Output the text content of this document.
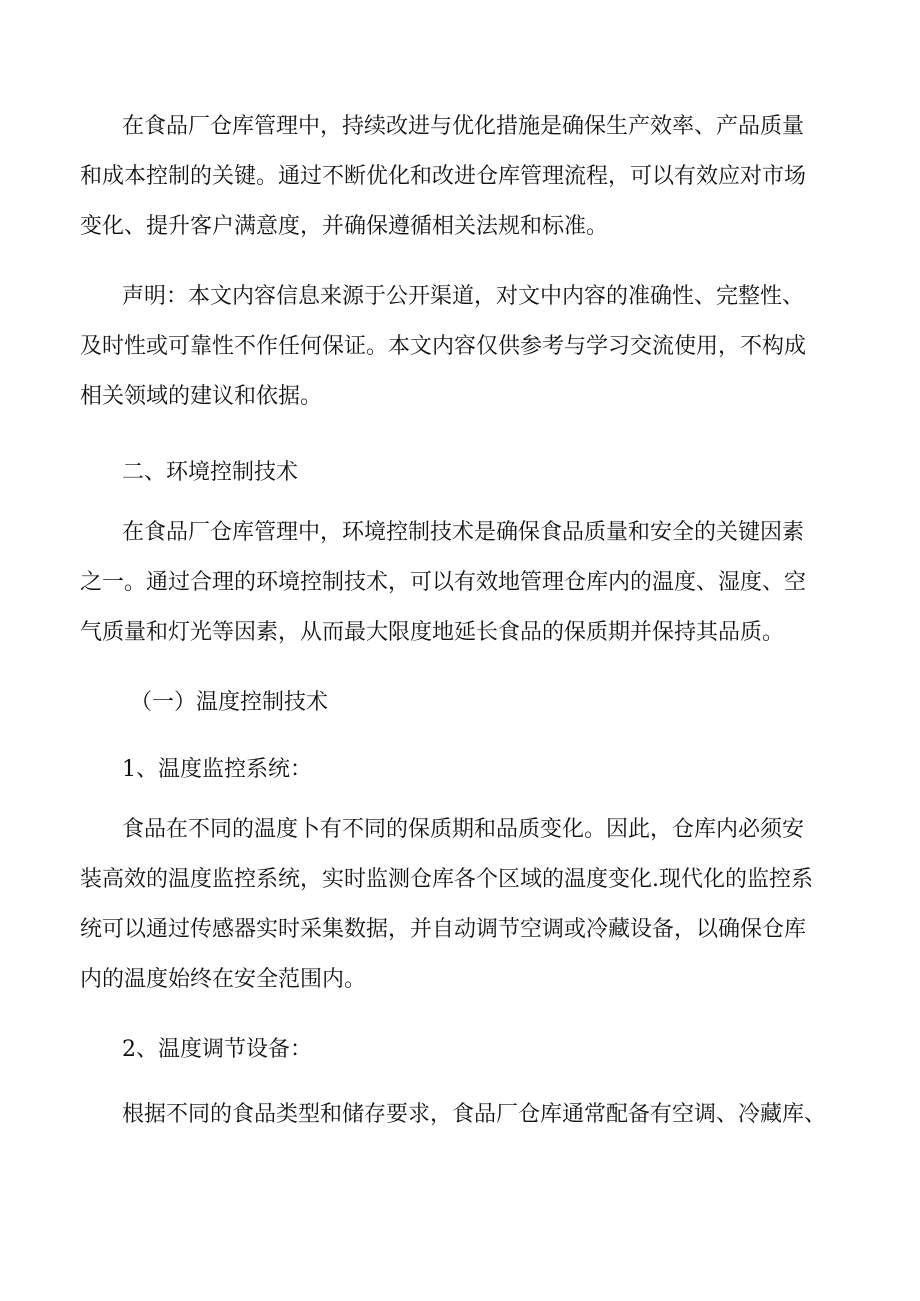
在食品厂仓库管理中，持续改进与优化措施是确保生产效率、产品质量
和成本控制的关键。通过不断优化和改进仓库管理流程，可以有效应对市场
变化、提升客户满意度，并确保遵循相关法规和标准。
声明：本文内容信息来源于公开渠道，对文中内容的准确性、完整性、
及时性或可靠性不作任何保证。本文内容仅供参考与学习交流使用，不构成
相关领域的建议和依据。
二、环境控制技术
在食品厂仓库管理中，环境控制技术是确保食品质量和安全的关键因素
之一。通过合理的环境控制技术，可以有效地管理仓库内的温度、湿度、空
气质量和灯光等因素，从而最大限度地延长食品的保质期并保持其品质。
（一）温度控制技术
1、温度监控系统：
食品在不同的温度卜有不同的保质期和品质变化。因此，仓库内必须安
装高效的温度监控系统，实时监测仓库各个区域的温度变化.现代化的监控系
统可以通过传感器实时采集数据，并自动调节空调或冷藏设备，以确保仓库
内的温度始终在安全范围内。
2、温度调节设备：
根据不同的食品类型和储存要求，食品厂仓库通常配备有空调、冷藏库、
